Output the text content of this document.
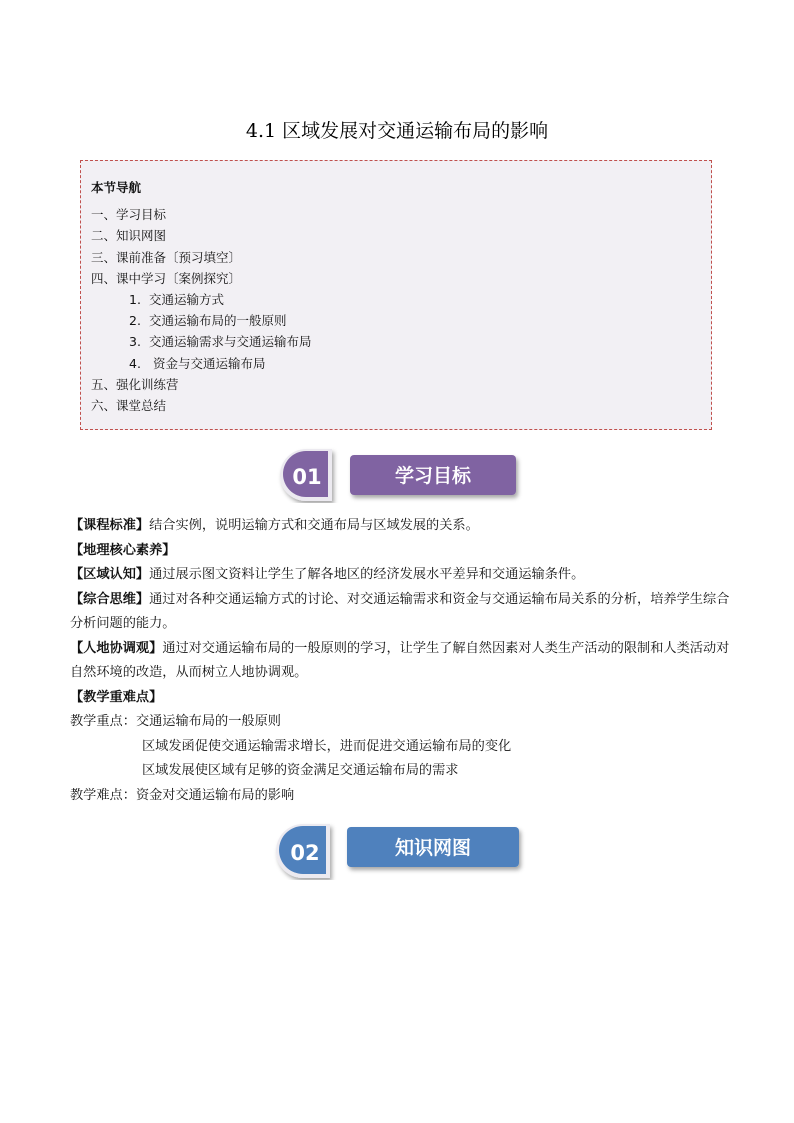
4.1 区域发展对交通运输布局的影响
本节导航
一、学习目标
二、知识网图
三、课前准备〔预习填空〕
四、课中学习〔案例探究〕
1. 交通运输方式
2. 交通运输布局的一般原则
3. 交通运输需求与交通运输布局
4. 资金与交通运输布局
五、强化训练营
六、课堂总结
01	学习目标

【课程标准】结合实例，说明运输方式和交通布局与区域发展的关系。

【地理核心素养】

【区域认知】通过展示图文资料让学生了解各地区的经济发展水平差异和交通运输条件。

【综合思维】通过对各种交通运输方式的讨论、对交通运输需求和资金与交通运输布局关系的分析，培养学生综合分析问题的能力。

【人地协调观】通过对交通运输布局的一般原则的学习，让学生了解自然因素对人类生产活动的限制和人类活动对自然环境的改造，从而树立人地协调观。

【教学重难点】

教学重点：交通运输布局的一般原则

区域发函促使交通运输需求增长，进而促进交通运输布局的变化

区域发展使区域有足够的资金满足交通运输布局的需求

教学难点：资金对交通运输布局的影响

02	知识网图
